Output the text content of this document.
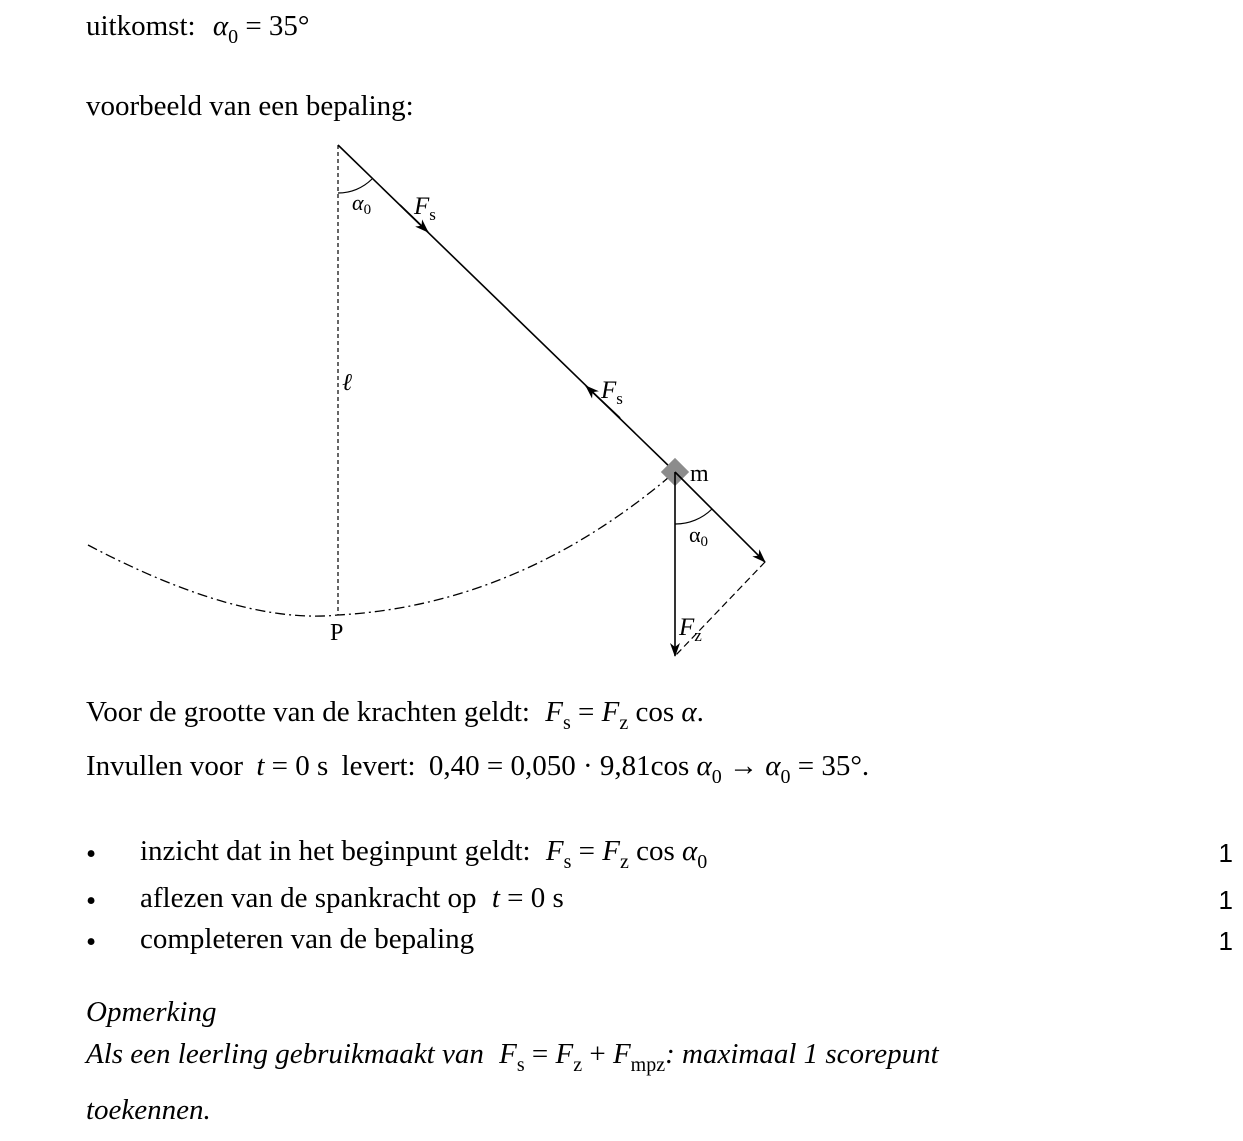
uitkomst: $\alpha_0 = 35^\circ$
voorbeeld van een bepaling:
α0 $F_s$
ℓ	$F_s$
m
α0
$F_z$
P
Voor de grootte van de krachten geldt: $F_s = F_z$ cos α.
Invullen voor t = 0 s levert: 0,40 = 0,050 · 9,81cos $\alpha_0 \to \alpha_0 = 35^\circ$.
• inzicht dat in het beginpunt geldt: $F_s = F_z$ $\cos \alpha_0$	1
• aflezen van de spankracht op t = 0 s	1
• completeren van de bepaling	1
Opmerking
Als een leerling gebruikmaakt van $F_s = F_z + F_{mpz}$: maximaal 1 scorepunt
toekennen.
